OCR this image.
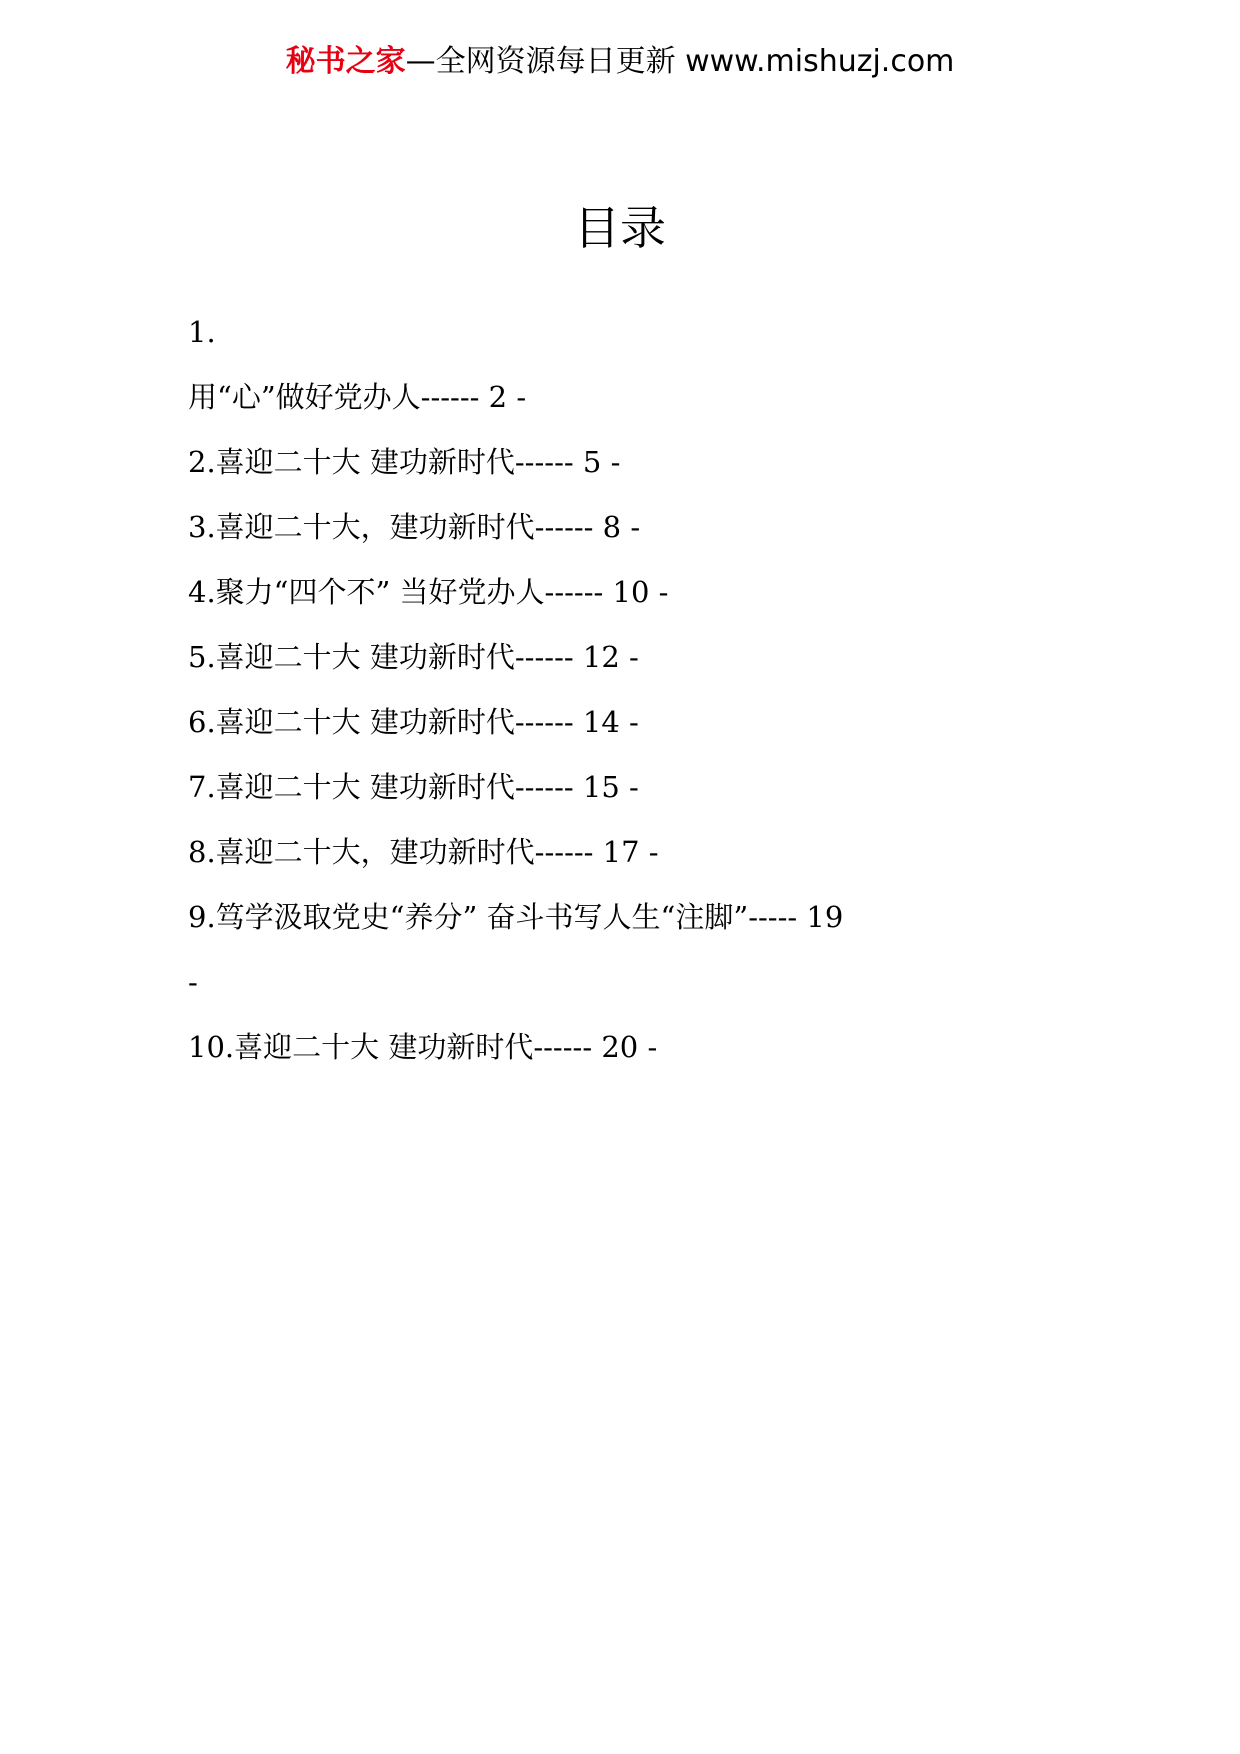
秘书之家—全网资源每日更新 www.mishuzj.com
目录
1.
用“心”做好党办人------ 2 -
2.喜迎二十大 建功新时代------ 5 -
3.喜迎二十大，建功新时代------ 8 -
4.聚力“四个不” 当好党办人------ 10 -
5.喜迎二十大 建功新时代------ 12 -
6.喜迎二十大 建功新时代------ 14 -
7.喜迎二十大 建功新时代------ 15 -
8.喜迎二十大，建功新时代------ 17 -
9.笃学汲取党史“养分” 奋斗书写人生“注脚”----- 19
-
10.喜迎二十大 建功新时代------ 20 -
